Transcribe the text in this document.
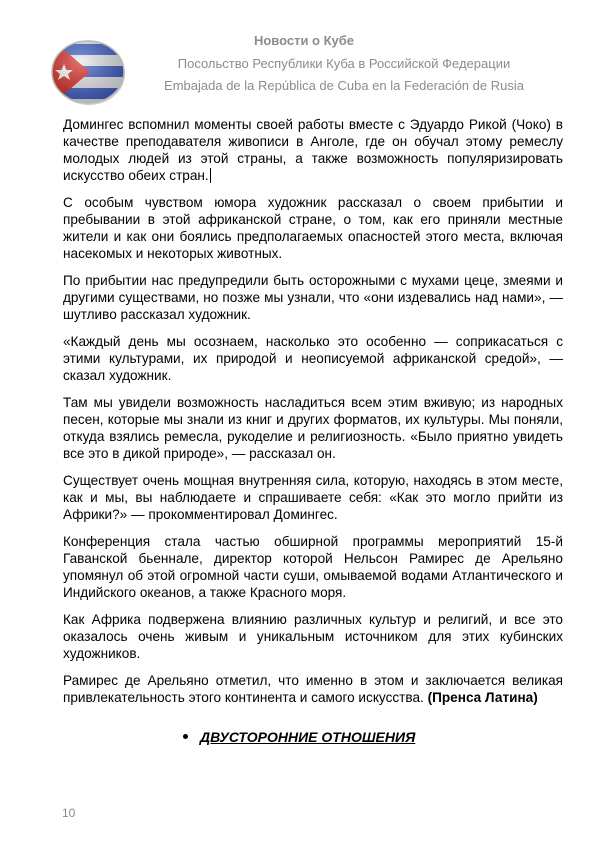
Новости о Кубе
Посольство Республики Куба в Российской Федерации
Embajada de la República de Cuba en la Federación de Rusia

Домингес вспомнил моменты своей работы вместе с Эдуардо Рикой (Чоко) в качестве преподавателя живописи в Анголе, где он обучал этому ремеслу молодых людей из этой страны, а также возможность популяризировать искусство обеих стран.

С особым чувством юмора художник рассказал о своем прибытии и пребывании в этой африканской стране, о том, как его приняли местные жители и как они боялись предполагаемых опасностей этого места, включая насекомых и некоторых животных.

По прибытии нас предупредили быть осторожными с мухами цеце, змеями и другими существами, но позже мы узнали, что «они издевались над нами», — шутливо рассказал художник.

«Каждый день мы осознаем, насколько это особенно — соприкасаться с этими культурами, их природой и неописуемой африканской средой», — сказал художник.

Там мы увидели возможность насладиться всем этим вживую; из народных песен, которые мы знали из книг и других форматов, их культуры. Мы поняли, откуда взялись ремесла, рукоделие и религиозность. «Было приятно увидеть все это в дикой природе», — рассказал он.

Существует очень мощная внутренняя сила, которую, находясь в этом месте, как и мы, вы наблюдаете и спрашиваете себя: «Как это могло прийти из Африки?» — прокомментировал Домингес.

Конференция стала частью обширной программы мероприятий 15-й Гаванской бьеннале, директор которой Нельсон Рамирес де Арельяно упомянул об этой огромной части суши, омываемой водами Атлантического и Индийского океанов, а также Красного моря.

Как Африка подвержена влиянию различных культур и религий, и все это оказалось очень живым и уникальным источником для этих кубинских художников.

Рамирес де Арельяно отметил, что именно в этом и заключается великая привлекательность этого континента и самого искусства. (Пренса Латина)

ДВУСТОРОННИЕ ОТНОШЕНИЯ
10
